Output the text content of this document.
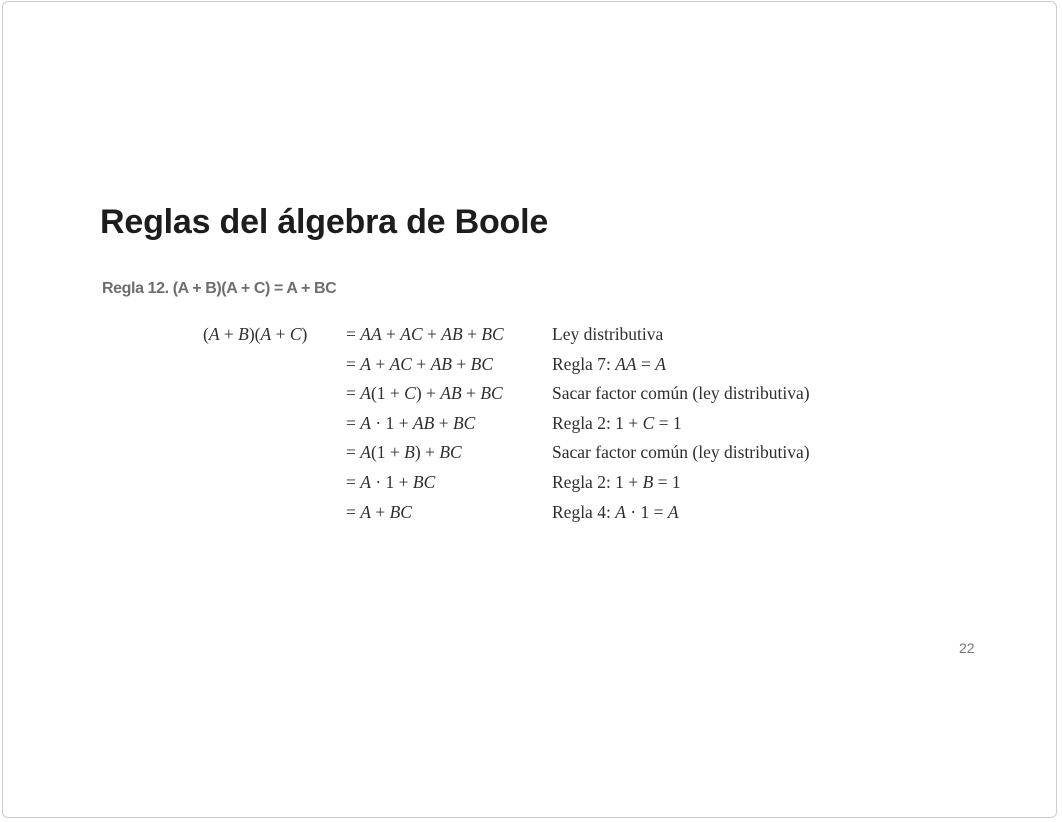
Reglas del álgebra de Boole
Regla 12. (A + B)(A + C) = A + BC
(A + B)(A + C)	= AA + AC + AB + BC	Ley distributiva
= A + AC + AB + BC	Regla 7: AA = A
= A(1 + C) + AB + BC	Sacar factor común (ley distributiva)
= A · 1 + AB + BC	Regla 2: 1 + C = 1
= A(1 + B) + BC	Sacar factor común (ley distributiva)
= A · 1 + BC	Regla 2: 1 + B = 1
= A + BC	Regla 4: A · 1 = A
22
